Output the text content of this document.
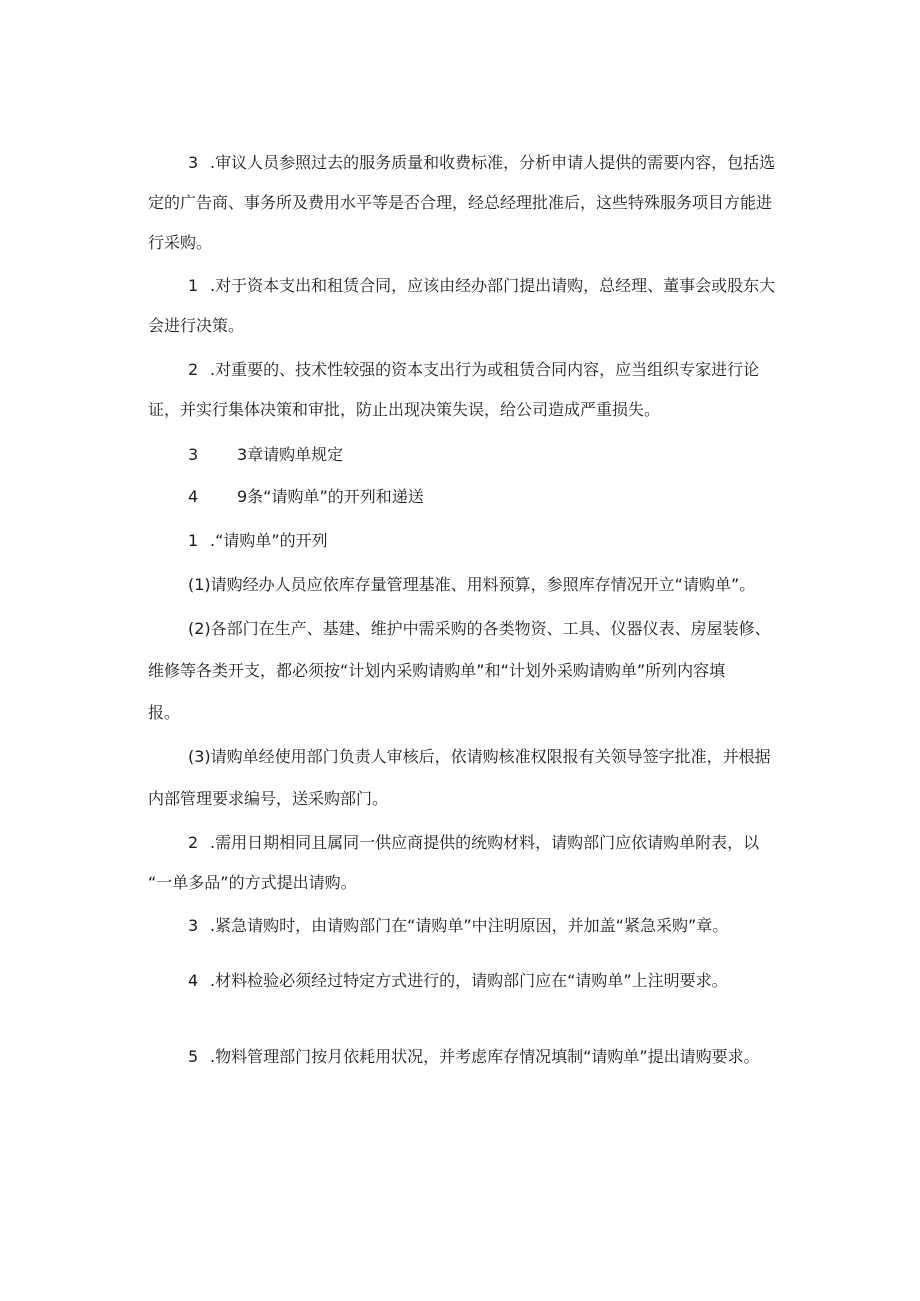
3 .审议人员参照过去的服务质量和收费标准，分析申请人提供的需要内容，包括选
定的广告商、事务所及费用水平等是否合理，经总经理批准后，这些特殊服务项目方能进
行采购。
1 .对于资本支出和租赁合同，应该由经办部门提出请购，总经理、董事会或股东大
会进行决策。
2 .对重要的、技术性较强的资本支出行为或租赁合同内容，应当组织专家进行论
证，并实行集体决策和审批，防止出现决策失误，给公司造成严重损失。
3 3章请购单规定
4 9条“请购单”的开列和递送
1 .“请购单”的开列
(1)请购经办人员应依库存量管理基准、用料预算，参照库存情况开立“请购单”。
(2)各部门在生产、基建、维护中需采购的各类物资、工具、仪器仪表、房屋装修、
维修等各类开支，都必须按“计划内采购请购单”和“计划外采购请购单”所列内容填
报。
(3)请购单经使用部门负责人审核后，依请购核准权限报有关领导签字批准，并根据
内部管理要求编号，送采购部门。
2 .需用日期相同且属同一供应商提供的统购材料，请购部门应依请购单附表，以
“一单多品”的方式提出请购。
3 .紧急请购时，由请购部门在“请购单”中注明原因，并加盖“紧急采购”章。
4 .材料检验必须经过特定方式进行的，请购部门应在“请购单”上注明要求。
5 .物料管理部门按月依耗用状况，并考虑库存情况填制“请购单”提出请购要求。
